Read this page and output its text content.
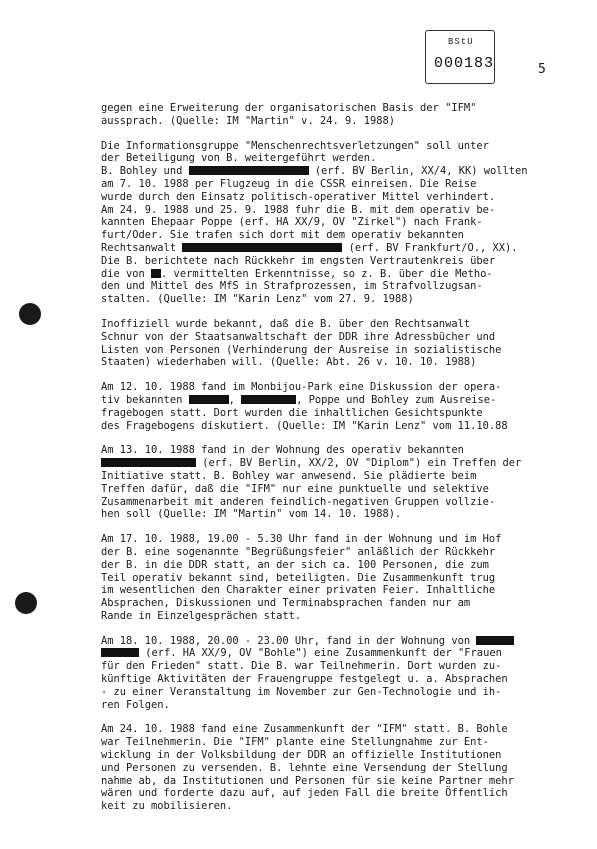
BStU
000183	5

gegen eine Erweiterung der organisatorischen Basis der "IFM"
aussprach. (Quelle: IM "Martin" v. 24. 9. 1988)

Die Informationsgruppe "Menschenrechtsverletzungen" soll unter
der Beteiligung von B. weitergeführt werden.
B. Bohley und	(erf. BV Berlin, XX/4, KK) wollten
am 7. 10. 1988 per Flugzeug in die CSSR einreisen. Die Reise
wurde durch den Einsatz politisch-operativer Mittel verhindert.
Am 24. 9. 1988 und 25. 9. 1988 fuhr die B. mit dem operativ be-
kannten Ehepaar Poppe (erf. HA XX/9, OV "Zirkel") nach Frank-
furt/Oder. Sie trafen sich dort mit dem operativ bekannten
Rechtsanwalt	(erf. BV Frankfurt/O., XX).
Die B. berichtete nach Rückkehr im engsten Vertrautenkreis über
die von . vermittelten Erkenntnisse, so z. B. über die Metho-
den und Mittel des MfS in Strafprozessen, im Strafvollzugsan-
stalten. (Quelle: IM "Karin Lenz" vom 27. 9. 1988)

Inoffiziell wurde bekannt, daß die B. über den Rechtsanwalt
Schnur von der Staatsanwaltschaft der DDR ihre Adressbücher und
Listen von Personen (Verhinderung der Ausreise in sozialistische
Staaten) wiederhaben will. (Quelle: Abt. 26 v. 10. 10. 1988)

Am 12. 10. 1988 fand im Monbijou-Park eine Diskussion der opera-
tiv bekannten	,	, Poppe und Bohley zum Ausreise-
fragebogen statt. Dort wurden die inhaltlichen Gesichtspunkte
des Fragebogens diskutiert. (Quelle: IM "Karin Lenz" vom 11.10.88

Am 13. 10. 1988 fand in der Wohnung des operativ bekannten
(erf. BV Berlin, XX/2, OV "Diplom") ein Treffen der
Initiative statt. B. Bohley war anwesend. Sie plädierte beim
Treffen dafür, daß die "IFM" nur eine punktuelle und selektive
Zusammenarbeit mit anderen feindlich-negativen Gruppen vollzie-
hen soll (Quelle: IM "Martin" vom 14. 10. 1988).

Am 17. 10. 1988, 19.00 - 5.30 Uhr fand in der Wohnung und im Hof
der B. eine sogenannte "Begrüßungsfeier" anläßlich der Rückkehr
der B. in die DDR statt, an der sich ca. 100 Personen, die zum
Teil operativ bekannt sind, beteiligten. Die Zusammenkunft trug
im wesentlichen den Charakter einer privaten Feier. Inhaltliche
Absprachen, Diskussionen und Terminabsprachen fanden nur am
Rande in Einzelgesprächen statt.

Am 18. 10. 1988, 20.00 - 23.00 Uhr, fand in der Wohnung von
(erf. HA XX/9, OV "Bohle") eine Zusammenkunft der "Frauen
für den Frieden" statt. Die B. war Teilnehmerin. Dort wurden zu-
künftige Aktivitäten der Frauengruppe festgelegt u. a. Absprachen
- zu einer Veranstaltung im November zur Gen-Technologie und ih-
ren Folgen.

Am 24. 10. 1988 fand eine Zusammenkunft der "IFM" statt. B. Bohle
war Teilnehmerin. Die "IFM" plante eine Stellungnahme zur Ent-
wicklung in der Volksbildung der DDR an offizielle Institutionen
und Personen zu versenden. B. lehnte eine Versendung der Stellung
nahme ab, da Institutionen und Personen für sie keine Partner mehr
wären und forderte dazu auf, auf jeden Fall die breite Öffentlich
keit zu mobilisieren.
